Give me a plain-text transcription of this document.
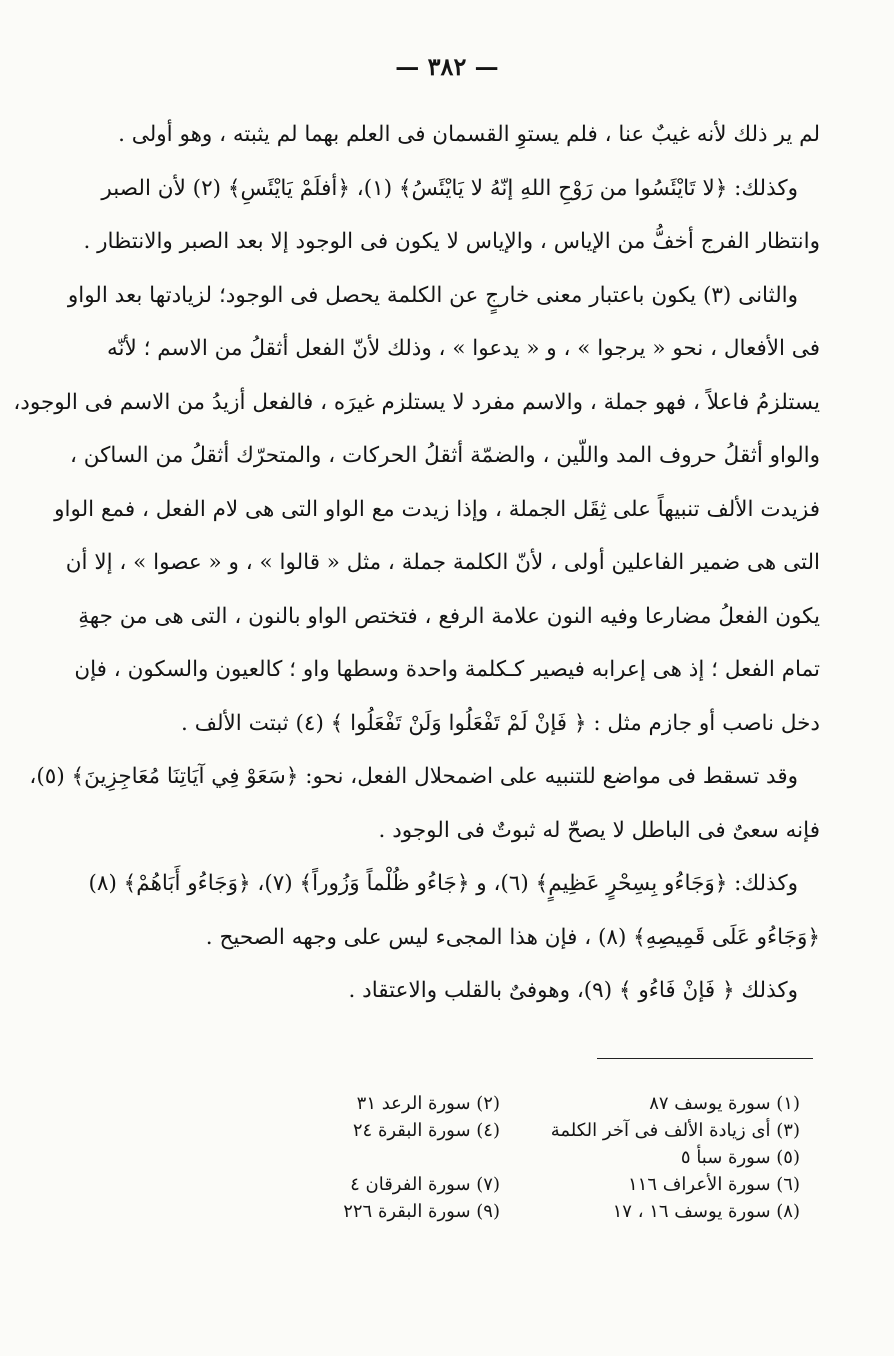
— ٣٨٢ —
لم ير ذلك لأنه غيبٌ عنا ، فلم يستوِ القسمان فى العلم بهما لم يثبته ، وهو أولى .
وكذلك: ﴿لا تَايْئَسُوا من رَوْحِ اللهِ إنّهُ لا يَايْئَسُ﴾ (١)، ﴿أفلَمْ يَايْئَسِ﴾ (٢) لأن الصبر
وانتظار الفرج أخفُّ من الإياس ، والإياس لا يكون فى الوجود إلا بعد الصبر والانتظار .
والثانى (٣) يكون باعتبار معنى خارجٍ عن الكلمة يحصل فى الوجود؛ لزيادتها بعد الواو
فى الأفعال ، نحو « يرجوا » ، و « يدعوا » ، وذلك لأنّ الفعل أثقلُ من الاسم ؛ لأنّه
يستلزمُ فاعلاً ، فهو جملة ، والاسم مفرد لا يستلزم غيرَه ، فالفعل أزيدُ من الاسم فى الوجود،
والواو أثقلُ حروف المد واللّين ، والضمّة أثقلُ الحركات ، والمتحرّك أثقلُ من الساكن ،
فزيدت الألف تنبيهاً على ثِقَل الجملة ، وإذا زيدت مع الواو التى هى لام الفعل ، فمع الواو
التى هى ضمير الفاعلين أولى ، لأنّ الكلمة جملة ، مثل « قالوا » ، و « عصوا » ، إلا أن
يكون الفعلُ مضارعا وفيه النون علامة الرفع ، فتختص الواو بالنون ، التى هى من جهةِ
تمام الفعل ؛ إذ هى إعرابه فيصير كـكلمة واحدة وسطها واو ؛ كالعيون والسكون ، فإن
دخل ناصب أو جازم مثل : ﴿ فَإنْ لَمْ تَفْعَلُوا وَلَنْ تَفْعَلُوا ﴾ (٤) ثبتت الألف .
وقد تسقط فى مواضع للتنبيه على اضمحلال الفعل، نحو: ﴿سَعَوْ فِي آيَاتِنَا مُعَاجِزِينَ﴾ (٥)،
فإنه سعىٌ فى الباطل لا يصحّ له ثبوتٌ فى الوجود .
وكذلك: ﴿وَجَاءُو بِسِحْرٍ عَظِيمٍ﴾ (٦)، و ﴿جَاءُو ظُلْماً وَزُوراً﴾ (٧)، ﴿وَجَاءُو أَبَاهُمْ﴾ (٨)
﴿وَجَاءُو عَلَى قَمِيصِهِ﴾ (٨) ، فإن هذا المجىء ليس على وجهه الصحيح .
وكذلك ﴿ فَإنْ فَاءُو ﴾ (٩)، وهوفىٌ بالقلب والاعتقاد .
(١) سورة يوسف ٨٧
(٢) سورة الرعد ٣١
(٣) أى زيادة الألف فى آخر الكلمة
(٤) سورة البقرة ٢٤
(٥) سورة سبأ ٥
(٦) سورة الأعراف ١١٦
(٧) سورة الفرقان ٤
(٨) سورة يوسف ١٦ ، ١٧
(٩) سورة البقرة ٢٢٦
